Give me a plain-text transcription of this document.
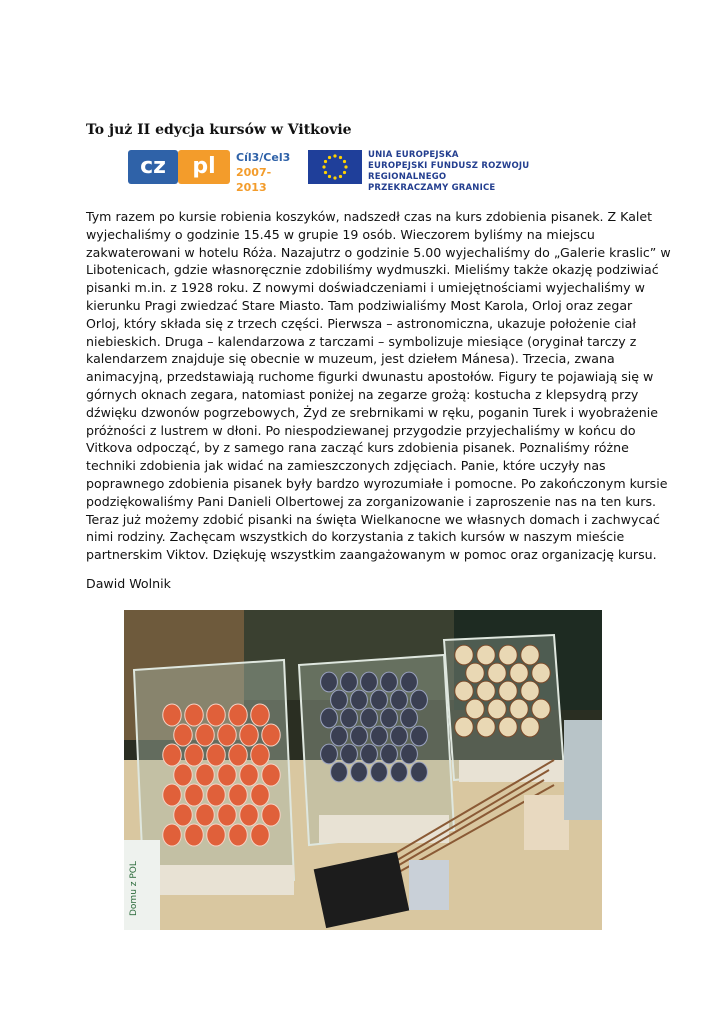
To już II edycja kursów w Vitkovie
cz	pl	Cíl3/Cel3
2007-2013
UNIA EUROPEJSKA
EUROPEJSKI FUNDUSZ ROZWOJU REGIONALNEGO
PRZEKRACZAMY GRANICE
Tym razem po kursie robienia koszyków, nadszedł czas na kurs zdobienia pisanek. Z Kalet
wyjechaliśmy o godzinie 15.45 w grupie 19 osób. Wieczorem byliśmy na miejscu
zakwaterowani w hotelu Róża. Nazajutrz o godzinie 5.00 wyjechaliśmy do „Galerie kraslic” w
Libotenicach, gdzie własnoręcznie zdobiliśmy wydmuszki. Mieliśmy także okazję podziwiać
pisanki m.in. z 1928 roku. Z nowymi doświadczeniami i umiejętnościami wyjechaliśmy w
kierunku Pragi zwiedzać Stare Miasto. Tam podziwialiśmy Most Karola, Orloj oraz zegar
Orloj, który składa się z trzech części. Pierwsza – astronomiczna, ukazuje położenie ciał
niebieskich. Druga – kalendarzowa z tarczami – symbolizuje miesiące (oryginał tarczy z
kalendarzem znajduje się obecnie w muzeum, jest dziełem Mánesa). Trzecia, zwana
animacyjną, przedstawiają ruchome figurki dwunastu apostołów. Figury te pojawiają się w
górnych oknach zegara, natomiast poniżej na zegarze grożą: kostucha z klepsydrą przy
dźwięku dzwonów pogrzebowych, Żyd ze srebrnikami w ręku, poganin Turek i wyobrażenie
próżności z lustrem w dłoni. Po niespodziewanej przygodzie przyjechaliśmy w końcu do
Vitkova odpocząć, by z samego rana zacząć kurs zdobienia pisanek. Poznaliśmy różne
techniki zdobienia jak widać na zamieszczonych zdjęciach. Panie, które uczyły nas
poprawnego zdobienia pisanek były bardzo wyrozumiałe i pomocne. Po zakończonym kursie
podziękowaliśmy Pani Danieli Olbertowej za zorganizowanie i zaproszenie nas na ten kurs.
Teraz już możemy zdobić pisanki na święta Wielkanocne we własnych domach i zachwycać
nimi rodziny. Zachęcam wszystkich do korzystania z takich kursów w naszym mieście
partnerskim Viktov. Dziękuję wszystkim zaangażowanym w pomoc oraz organizację kursu.
Dawid Wolnik
Domu z POL
